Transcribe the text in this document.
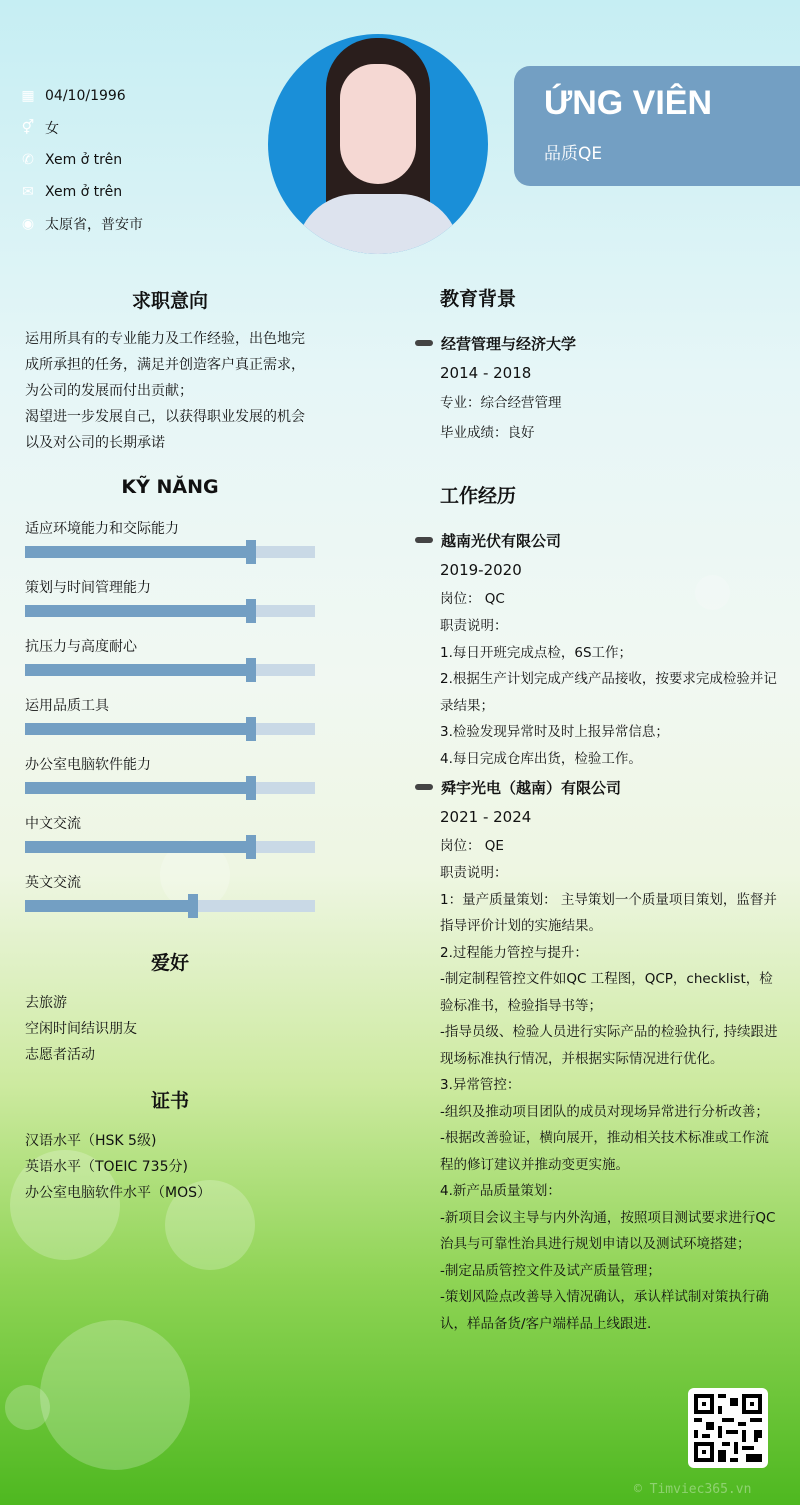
▦ 04/10/1996
⚥ 女
✆ Xem ở trên
✉ Xem ở trên
◉ 太原省，普安市
ỨNG VIÊN
品质QE
求职意向
运用所具有的专业能力及工作经验，出色地完成所承担的任务，满足并创造客户真正需求，为公司的发展而付出贡献；
渴望进一步发展自己，以获得职业发展的机会以及对公司的长期承诺
KỸ NĂNG
适应环境能力和交际能力
策划与时间管理能力
抗压力与高度耐心
运用品质工具
办公室电脑软件能力
中文交流
英文交流
爱好
去旅游
空闲时间结识朋友
志愿者活动
证书
汉语水平（HSK 5级)
英语水平（TOEIC 735分)
办公室电脑软件水平（MOS）
教育背景
经营管理与经济大学
2014 - 2018
专业：综合经营管理
毕业成绩：良好
工作经历
越南光伏有限公司
2019-2020
岗位： QC
职责说明：
1.每日开班完成点检，6S工作；
2.根据生产计划完成产线产品接收，按要求完成检验并记录结果；
3.检验发现异常时及时上报异常信息；
4.每日完成仓库出货，检验工作。
舜宇光电（越南）有限公司
2021 - 2024
岗位： QE
职责说明：
1：量产质量策划： 主导策划一个质量项目策划，监督并指导评价计划的实施结果。
2.过程能力管控与提升：
-制定制程管控文件如QC 工程图，QCP，checklist，检验标准书，检验指导书等；
-指导员级、检验人员进行实际产品的检验执行, 持续跟进现场标准执行情况，并根据实际情况进行优化。
3.异常管控：
-组织及推动项目团队的成员对现场异常进行分析改善；
-根据改善验证，横向展开，推动相关技术标准或工作流程的修订建议并推动变更实施。
4.新产品质量策划：
-新项目会议主导与内外沟通，按照项目测试要求进行QC 治具与可靠性治具进行规划申请以及测试环境搭建；
-制定品质管控文件及试产质量管理；
-策划风险点改善导入情况确认，承认样试制对策执行确认，样品备货/客户端样品上线跟进.
© Timviec365.vn
